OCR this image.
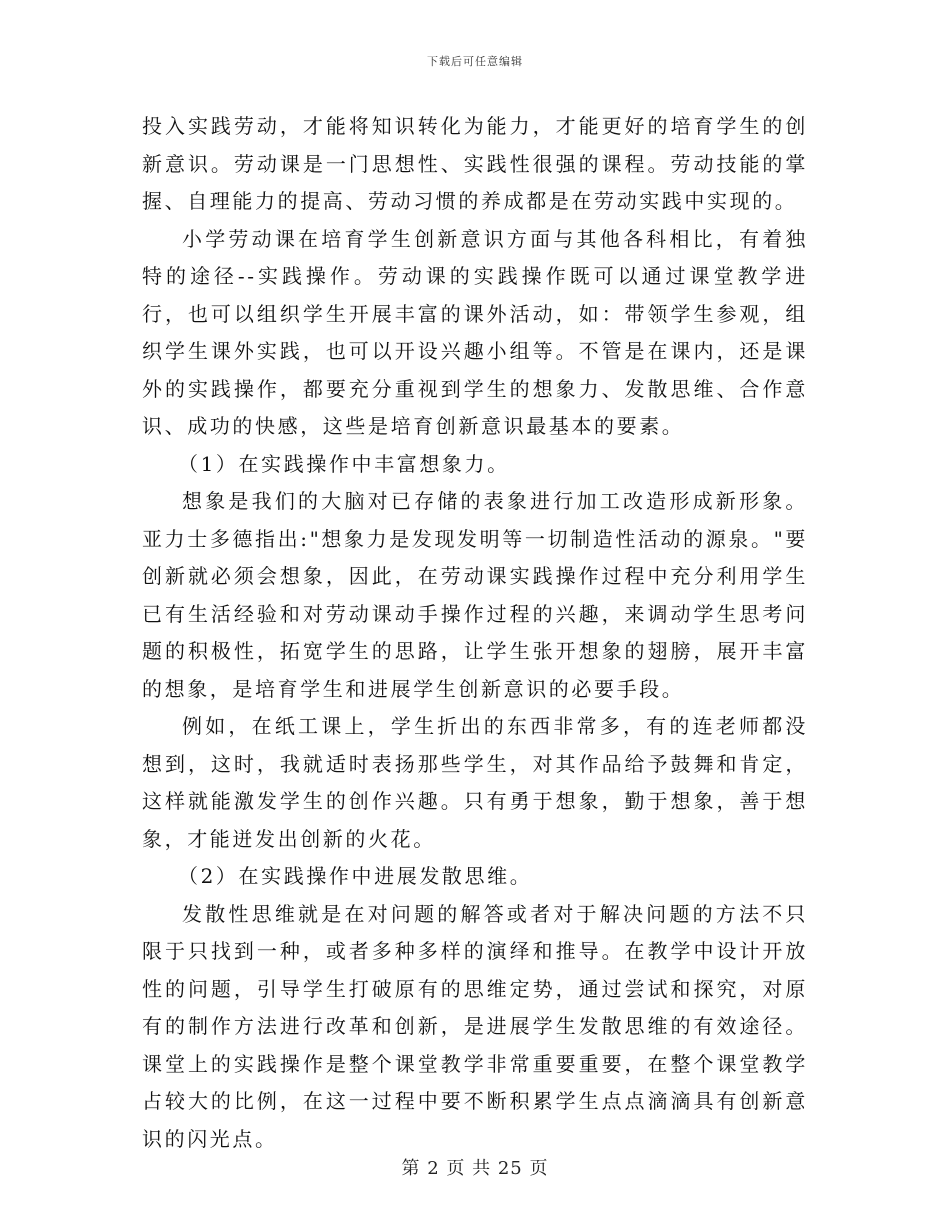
下载后可任意编辑

投入实践劳动，才能将知识转化为能力，才能更好的培育学生的创新意识。劳动课是一门思想性、实践性很强的课程。劳动技能的掌握、自理能力的提高、劳动习惯的养成都是在劳动实践中实现的。

小学劳动课在培育学生创新意识方面与其他各科相比，有着独特的途径--实践操作。劳动课的实践操作既可以通过课堂教学进行，也可以组织学生开展丰富的课外活动，如：带领学生参观，组织学生课外实践，也可以开设兴趣小组等。不管是在课内，还是课外的实践操作，都要充分重视到学生的想象力、发散思维、合作意识、成功的快感，这些是培育创新意识最基本的要素。

（1）在实践操作中丰富想象力。

想象是我们的大脑对已存储的表象进行加工改造形成新形象。亚力士多德指出:"想象力是发现发明等一切制造性活动的源泉。"要创新就必须会想象，因此，在劳动课实践操作过程中充分利用学生已有生活经验和对劳动课动手操作过程的兴趣，来调动学生思考问题的积极性，拓宽学生的思路，让学生张开想象的翅膀，展开丰富的想象，是培育学生和进展学生创新意识的必要手段。

例如，在纸工课上，学生折出的东西非常多，有的连老师都没想到，这时，我就适时表扬那些学生，对其作品给予鼓舞和肯定，这样就能激发学生的创作兴趣。只有勇于想象，勤于想象，善于想象，才能迸发出创新的火花。

（2）在实践操作中进展发散思维。

发散性思维就是在对问题的解答或者对于解决问题的方法不只限于只找到一种，或者多种多样的演绎和推导。在教学中设计开放性的问题，引导学生打破原有的思维定势，通过尝试和探究，对原有的制作方法进行改革和创新，是进展学生发散思维的有效途径。课堂上的实践操作是整个课堂教学非常重要重要，在整个课堂教学占较大的比例，在这一过程中要不断积累学生点点滴滴具有创新意识的闪光点。

第 2 页 共 25 页
